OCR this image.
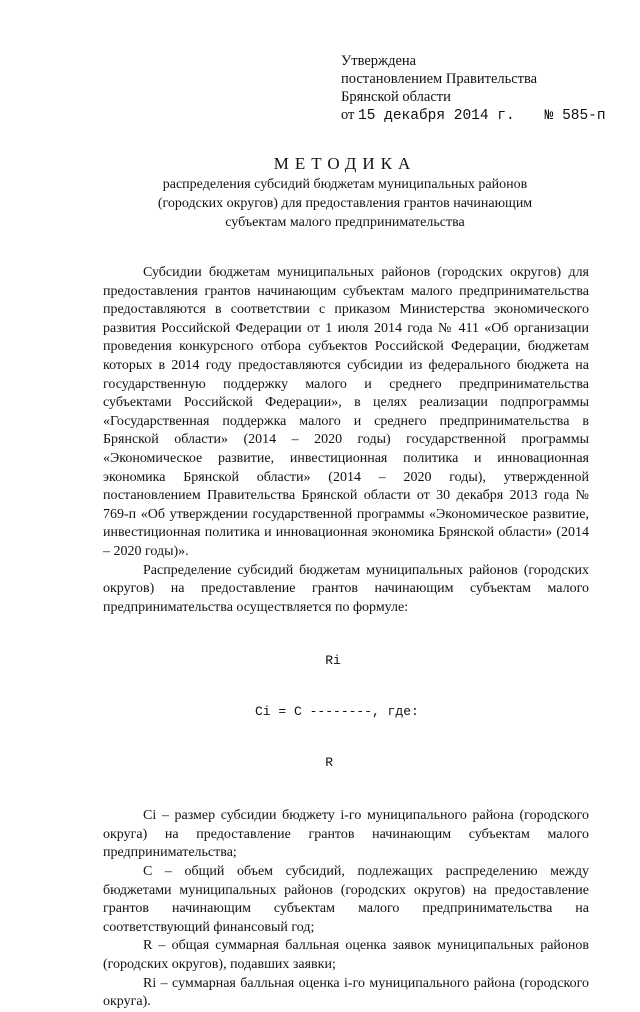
Утверждена
постановлением Правительства
Брянской области
от 15 декабря 2014 г. № 585-п
МЕТОДИКА
распределения субсидий бюджетам муниципальных районов
(городских округов) для предоставления грантов начинающим
субъектам малого предпринимательства

Субсидии бюджетам муниципальных районов (городских округов) для предоставления грантов начинающим субъектам малого предпринимательства предоставляются в соответствии с приказом Министерства экономического развития Российской Федерации от 1 июля 2014 года № 411 «Об организации проведения конкурсного отбора субъектов Российской Федерации, бюджетам которых в 2014 году предоставляются субсидии из федерального бюджета на государственную поддержку малого и среднего предпринимательства субъектами Российской Федерации», в целях реализации подпрограммы «Государственная поддержка малого и среднего предпринимательства в Брянской области» (2014 – 2020 годы) государственной программы «Экономическое развитие, инвестиционная политика и инновационная экономика Брянской области» (2014 – 2020 годы), утвержденной постановлением Правительства Брянской области от 30 декабря 2013 года № 769-п «Об утверждении государственной программы «Экономическое развитие, инвестиционная политика и инновационная экономика Брянской области» (2014 – 2020 годы)».

Распределение субсидий бюджетам муниципальных районов (городских округов) на предоставление грантов начинающим субъектам малого предпринимательства осуществляется по формуле:

Ri

Ci = C --------, где:

R

Ci – размер субсидии бюджету i-го муниципального района (городского округа) на предоставление грантов начинающим субъектам малого предпринимательства;

С – общий объем субсидий, подлежащих распределению между бюджетами муниципальных районов (городских округов) на предоставление грантов начинающим субъектам малого предпринимательства на соответствующий финансовый год;

R – общая суммарная балльная оценка заявок муниципальных районов (городских округов), подавших заявки;

Ri – суммарная балльная оценка i-го муниципального района (городского округа).
